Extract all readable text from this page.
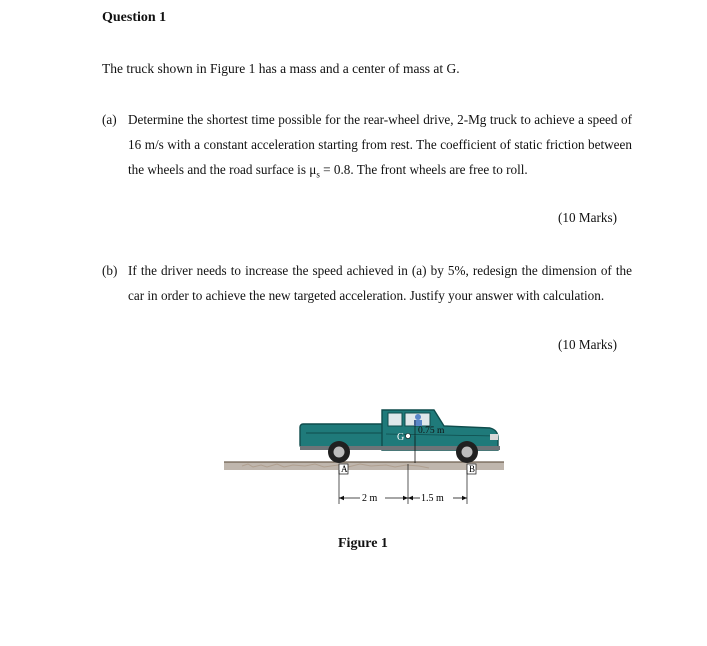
Question 1
The truck shown in Figure 1 has a mass and a center of mass at G.
(a) Determine the shortest time possible for the rear-wheel drive, 2-Mg truck to achieve a speed of 16 m/s with a constant acceleration starting from rest. The coefficient of static friction between the wheels and the road surface is $\mu_s = 0.8$. The front wheels are free to roll.
(10 Marks)
(b) If the driver needs to increase the speed achieved in (a) by 5%, redesign the dimension of the car in order to achieve the new targeted acceleration. Justify your answer with calculation.
(10 Marks)
G
0.75 m
A	B
2 m	1.5 m
Figure 1
